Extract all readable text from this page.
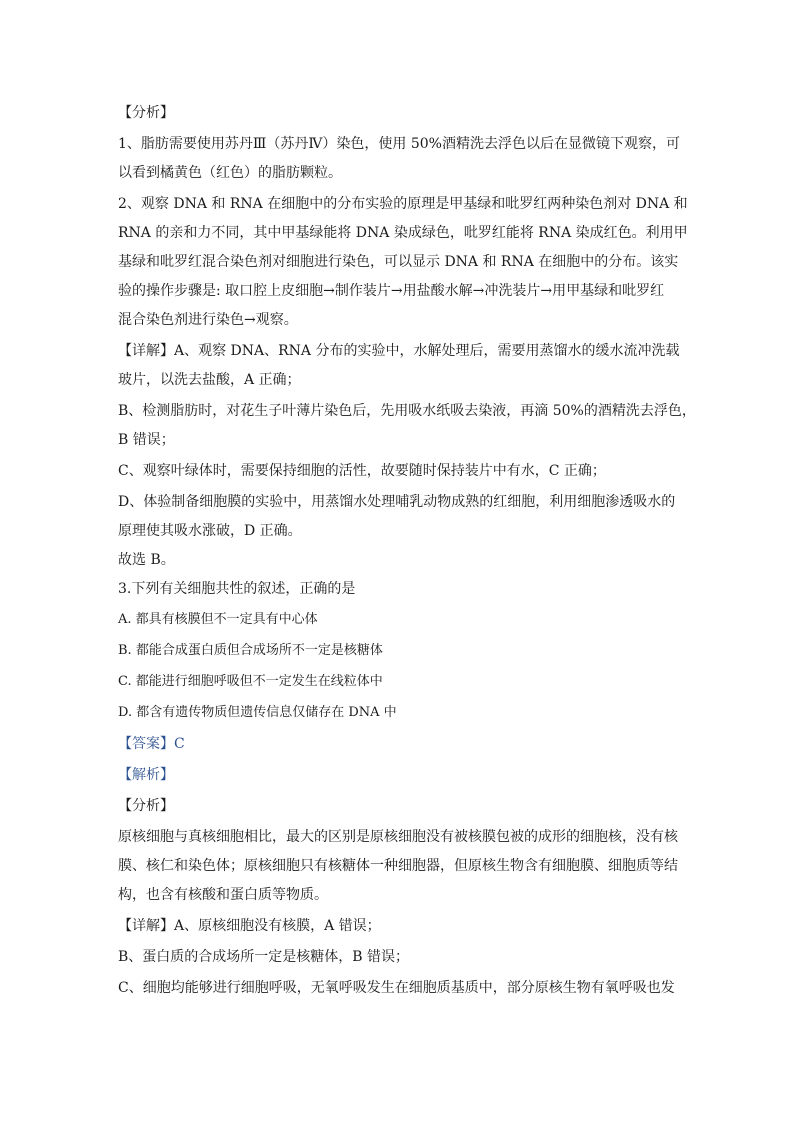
【分析】

1、脂肪需要使用苏丹Ⅲ（苏丹Ⅳ）染色，使用 50%酒精洗去浮色以后在显微镜下观察，可

以看到橘黄色（红色）的脂肪颗粒。

2、观察 DNA 和 RNA 在细胞中的分布实验的原理是甲基绿和吡罗红两种染色剂对 DNA 和

RNA 的亲和力不同，其中甲基绿能将 DNA 染成绿色，吡罗红能将 RNA 染成红色。利用甲

基绿和吡罗红混合染色剂对细胞进行染色，可以显示 DNA 和 RNA 在细胞中的分布。该实

验的操作步骤是: 取口腔上皮细胞→制作装片→用盐酸水解→冲洗装片→用甲基绿和吡罗红

混合染色剂进行染色→观察。

【详解】A、观察 DNA、RNA 分布的实验中，水解处理后，需要用蒸馏水的缓水流冲洗载

玻片，以洗去盐酸，A 正确；

B、检测脂肪时，对花生子叶薄片染色后，先用吸水纸吸去染液，再滴 50%的酒精洗去浮色，

B 错误；

C、观察叶绿体时，需要保持细胞的活性，故要随时保持装片中有水，C 正确；

D、体验制备细胞膜的实验中，用蒸馏水处理哺乳动物成熟的红细胞，利用细胞渗透吸水的

原理使其吸水涨破，D 正确。

故选 B。

3.下列有关细胞共性的叙述，正确的是

A. 都具有核膜但不一定具有中心体

B. 都能合成蛋白质但合成场所不一定是核糖体

C. 都能进行细胞呼吸但不一定发生在线粒体中

D. 都含有遗传物质但遗传信息仅储存在 DNA 中

【答案】C

【解析】

【分析】

原核细胞与真核细胞相比，最大的区别是原核细胞没有被核膜包被的成形的细胞核，没有核

膜、核仁和染色体；原核细胞只有核糖体一种细胞器，但原核生物含有细胞膜、细胞质等结

构，也含有核酸和蛋白质等物质。

【详解】A、原核细胞没有核膜，A 错误；

B、蛋白质的合成场所一定是核糖体，B 错误；

C、细胞均能够进行细胞呼吸，无氧呼吸发生在细胞质基质中，部分原核生物有氧呼吸也发
